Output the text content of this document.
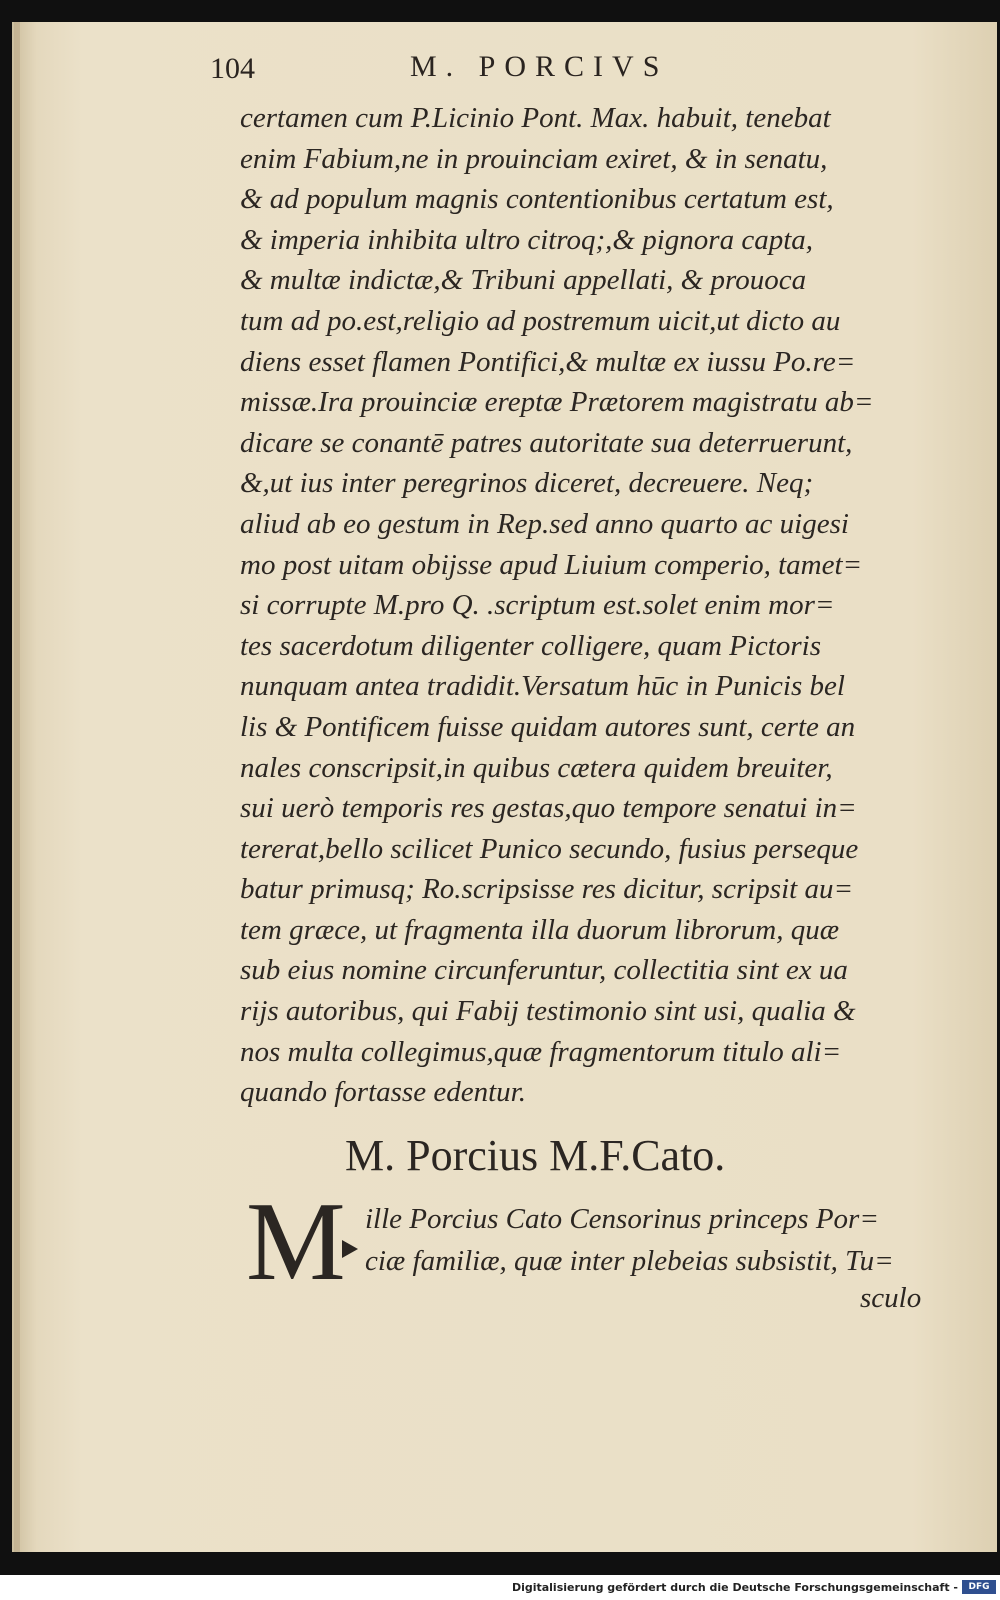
104	M. PORCIVS
certamen cum P.Licinio Pont. Max. habuit, tenebat
enim Fabium,ne in prouinciam exiret, & in senatu,
& ad populum magnis contentionibus certatum est,
& imperia inhibita ultro citroq;,& pignora capta,
& multæ indictæ,& Tribuni appellati, & prouoca
tum ad po.est,religio ad postremum uicit,ut dicto au
diens esset flamen Pontifici,& multæ ex iussu Po.re=
missæ.Ira prouinciæ ereptæ Prætorem magistratu ab=
dicare se conantē patres autoritate sua deterruerunt,
&,ut ius inter peregrinos diceret, decreuere. Neq;
aliud ab eo gestum in Rep.sed anno quarto ac uigesi
mo post uitam obijsse apud Liuium comperio, tamet=
si corrupte M.pro Q. .scriptum est.solet enim mor=
tes sacerdotum diligenter colligere, quam Pictoris
nunquam antea tradidit.Versatum hūc in Punicis bel
lis & Pontificem fuisse quidam autores sunt, certe an
nales conscripsit,in quibus cætera quidem breuiter,
sui uerò temporis res gestas,quo tempore senatui in=
tererat,bello scilicet Punico secundo, fusius perseque
batur primusq; Ro.scripsisse res dicitur, scripsit au=
tem græce, ut fragmenta illa duorum librorum, quæ
sub eius nomine circunferuntur, collectitia sint ex ua
rijs autoribus, qui Fabij testimonio sint usi, qualia &
nos multa collegimus,quæ fragmentorum titulo ali=
quando fortasse edentur.
M. Porcius M.F.Cato.
M ille Porcius Cato Censorinus princeps Por=
ciæ familiæ, quæ inter plebeias subsistit, Tu=
sculo
Digitalisierung gefördert durch die Deutsche Forschungsgemeinschaft -	DFG
